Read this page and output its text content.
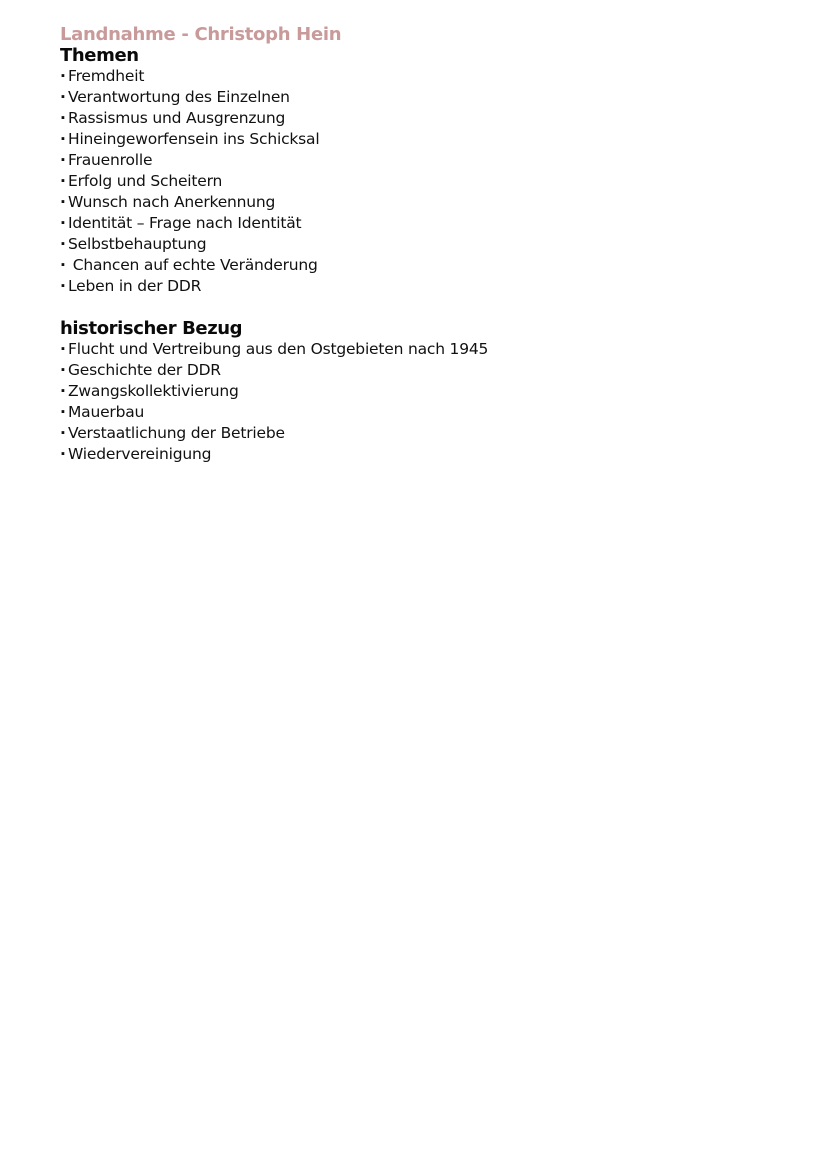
Landnahme - Christoph Hein
Themen
· Fremdheit
· Verantwortung des Einzelnen
· Rassismus und Ausgrenzung
· Hineingeworfensein ins Schicksal
· Frauenrolle
· Erfolg und Scheitern
· Wunsch nach Anerkennung
· Identität – Frage nach Identität
· Selbstbehauptung
· Chancen auf echte Veränderung
· Leben in der DDR
historischer Bezug
· Flucht und Vertreibung aus den Ostgebieten nach 1945
· Geschichte der DDR
· Zwangskollektivierung
· Mauerbau
· Verstaatlichung der Betriebe
· Wiedervereinigung
